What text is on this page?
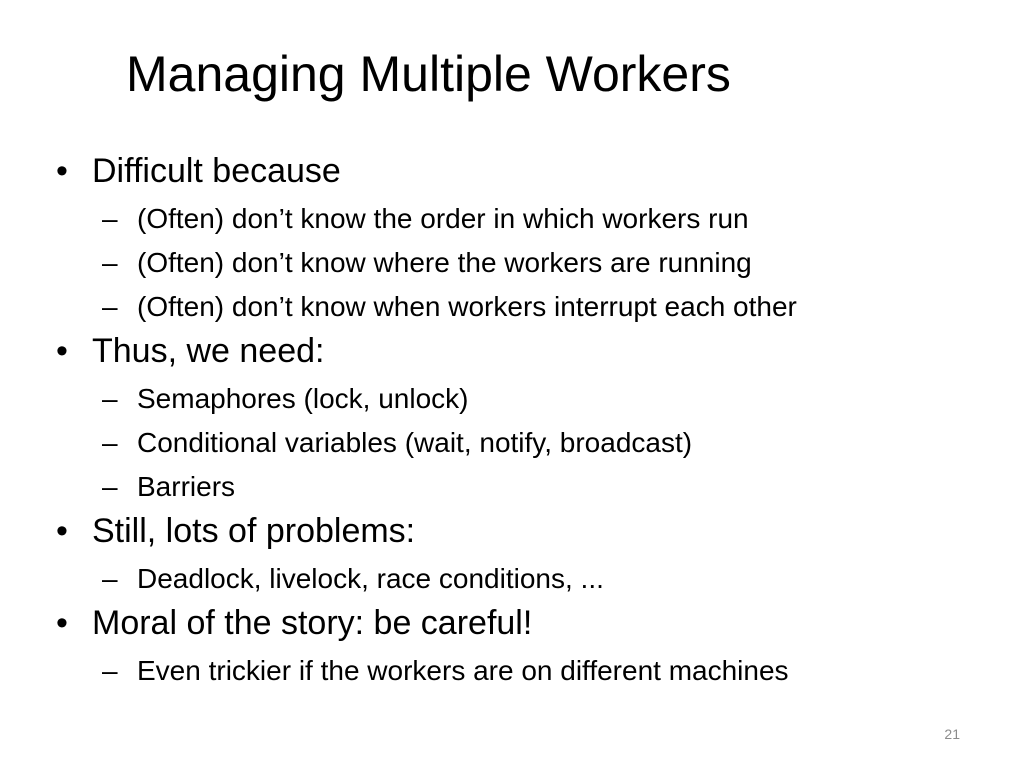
Managing Multiple Workers
• Difficult because
– (Often) don’t know the order in which workers run
– (Often) don’t know where the workers are running
– (Often) don’t know when workers interrupt each other
• Thus, we need:
– Semaphores (lock, unlock)
– Conditional variables (wait, notify, broadcast)
– Barriers
• Still, lots of problems:
– Deadlock, livelock, race conditions, ...
• Moral of the story: be careful!
– Even trickier if the workers are on different machines
21
